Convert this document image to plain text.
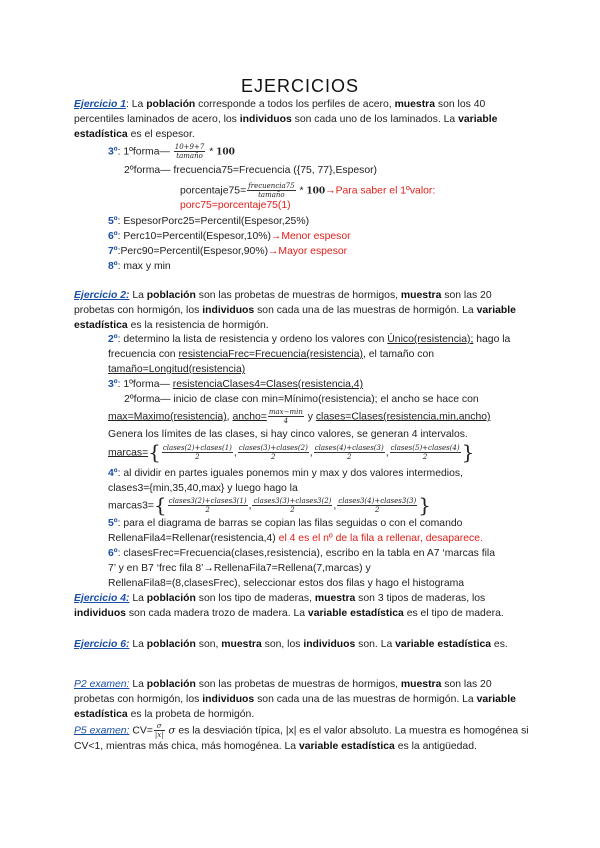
EJERCICIOS
Ejercicio 1: La población corresponde a todos los perfiles de acero, muestra son los 40 percentiles laminados de acero, los individuos son cada uno de los laminados. La variable estadística es el espesor.
3º: 1ºforma— $\frac{10+9+7}{\text{tamaño}} * 100$
2ºforma— frecuencia75=Frecuencia ({75, 77},Espesor)
porcentaje75= $\frac{\text{frecuencia75}}{\text{tamaño}}$ * 100→Para saber el 1ºvalor:
porc75=porcentaje75(1)
5º: EspesorPorc25=Percentil(Espesor,25%)
6º: Perc10=Percentil(Espesor,10%)→Menor espesor
7º:Perc90=Percentil(Espesor,90%)→Mayor espesor
8º: max y min
Ejercicio 2: La población son las probetas de muestras de hormigos, muestra son las 20 probetas con hormigón, los individuos son cada una de las muestras de hormigón. La variable estadística es la resistencia de hormigón.
2º: determino la lista de resistencia y ordeno los valores con Único(resistencia); hago la frecuencia con resistenciaFrec=Frecuencia(resistencia), el tamaño con tamaño=Longitud(resistencia)
3º: 1ºforma— resistenciaClases4=Clases(resistencia,4)
2ºforma— inicio de clase con min=Mínimo(resistencia); el ancho se hace con
max=Maximo(resistencia), ancho= $\frac{\max-\min}{4}$ y clases=Clases(resistencia,min,ancho)
Genera los límites de las clases, si hay cinco valores, se generan 4 intervalos.
marcas={ $\frac{\text{clases(2)+clases(1)}}{2}$ , $\frac{\text{clases(3)+clases(2)}}{2}$ , $\frac{\text{clases(4)+clases(3)}}{2}$ , $\frac{\text{clases(5)+clases(4)}}{2}$ }
4º: al dividir en partes iguales ponemos min y max y dos valores intermedios,
clases3={min,35,40,max} y luego hago la
marcas3={ $\frac{\text{clases3(2)+clases3(1)}}{2}$ , $\frac{\text{clases3(3)+clases3(2)}}{2}$ , $\frac{\text{clases3(4)+clases3(3)}}{2}$ }
5º: para el diagrama de barras se copian las filas seguidas o con el comando
RellenaFila4=Rellenar(resistencia,4) el 4 es el nº de la fila a rellenar, desaparece.
6º: clasesFrec=Frecuencia(clases,resistencia), escribo en la tabla en A7 ‘marcas fila
7’ y en B7 ‘frec fila 8’→RellenaFila7=Rellena(7,marcas) y
RellenaFila8=(8,clasesFrec), seleccionar estos dos filas y hago el histograma
Ejercicio 4: La población son los tipo de maderas, muestra son 3 tipos de maderas, los individuos son cada madera trozo de madera. La variable estadística es el tipo de madera.
Ejercicio 6: La población son, muestra son, los individuos son. La variable estadística es.
P2 examen: La población son las probetas de muestras de hormigos, muestra son las 20 probetas con hormigón, los individuos son cada una de las muestras de hormigón. La variable estadística es la probeta de hormigón.
P5 examen: $CV= \frac{\sigma}{|x|}$ σ es la desviación típica, |x| es el valor absoluto. La muestra es homogénea si CV<1, mientras más chica, más homogénea. La variable estadística es la antigüedad.
